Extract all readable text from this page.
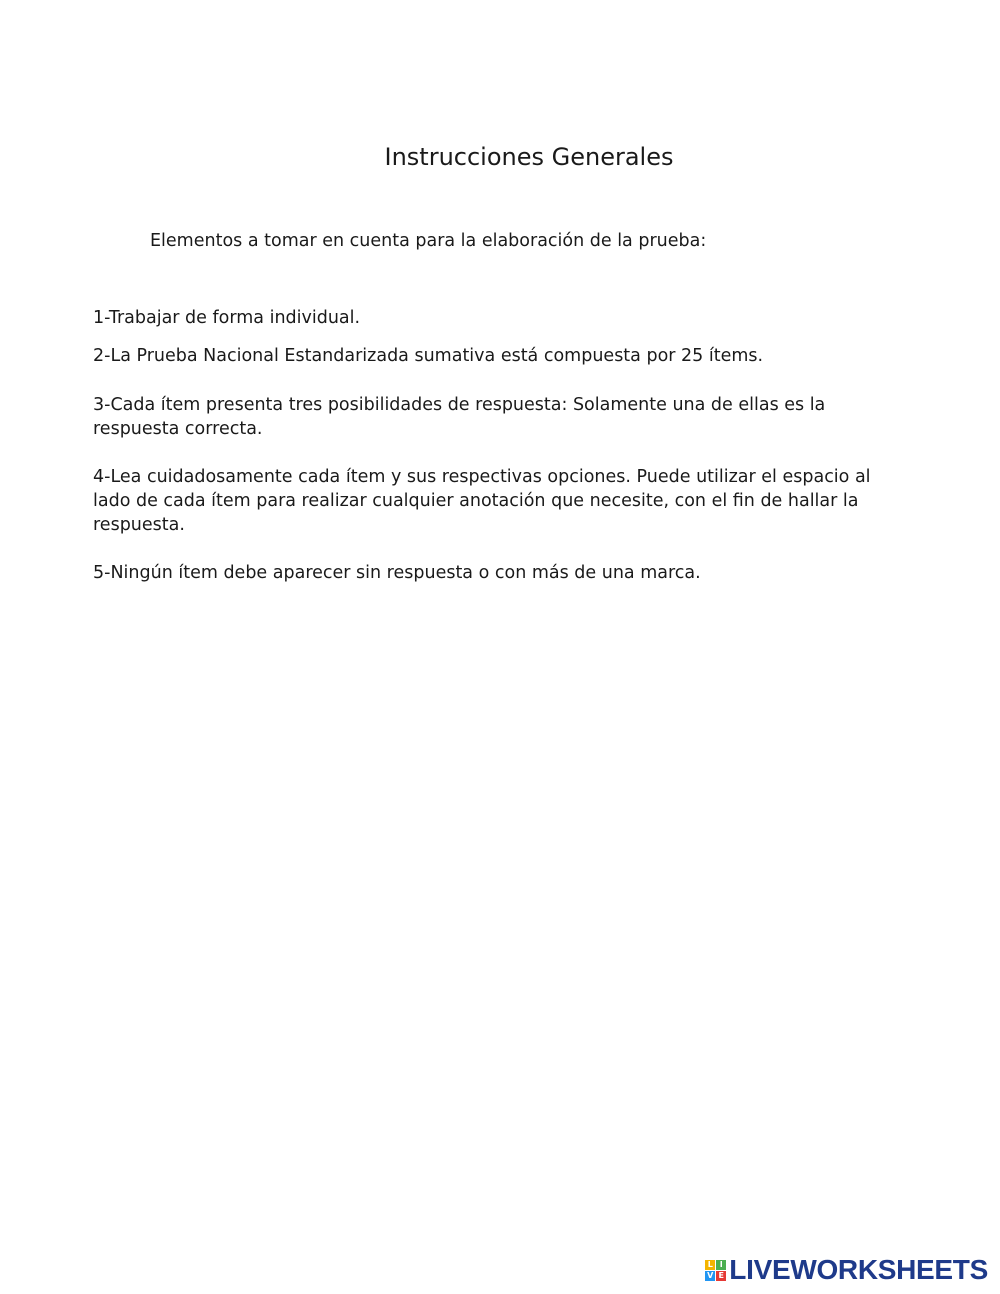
Instrucciones Generales

Elementos a tomar en cuenta para la elaboración de la prueba:

1-Trabajar de forma individual.

2-La Prueba Nacional Estandarizada sumativa está compuesta por 25 ítems.

3-Cada ítem presenta tres posibilidades de respuesta: Solamente una de ellas es la respuesta correcta.

4-Lea cuidadosamente cada ítem y sus respectivas opciones. Puede utilizar el espacio al lado de cada ítem para realizar cualquier anotación que necesite, con el fin de hallar la respuesta.

5-Ningún ítem debe aparecer sin respuesta o con más de una marca.

L I
V E LIVEWORKSHEETS
